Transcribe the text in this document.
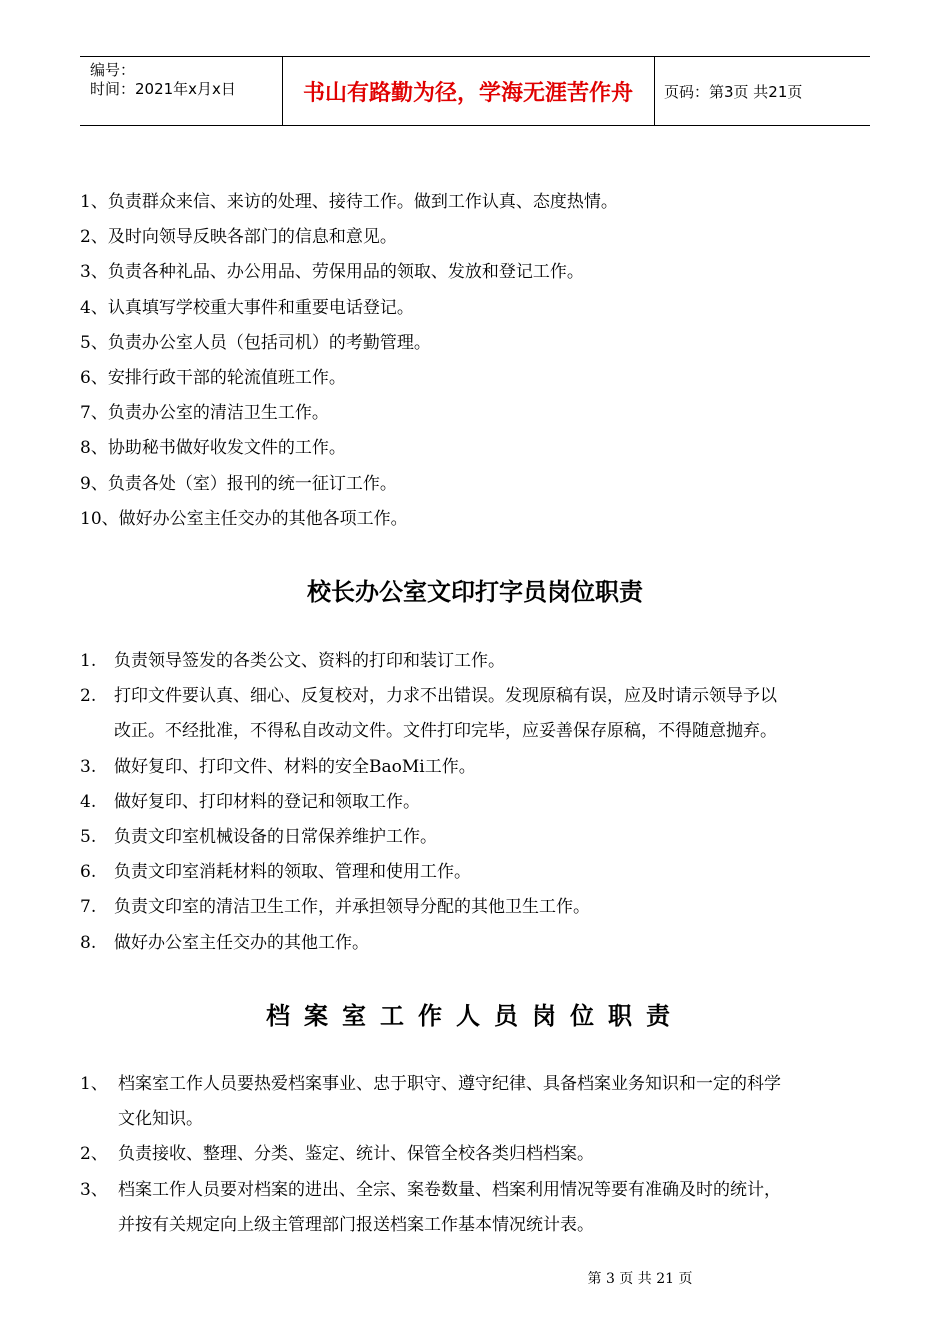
编号：
时间：2021年x月x日	书山有路勤为径，学海无涯苦作舟	页码：第3页 共21页
1、负责群众来信、来访的处理、接待工作。做到工作认真、态度热情。
2、及时向领导反映各部门的信息和意见。
3、负责各种礼品、办公用品、劳保用品的领取、发放和登记工作。
4、认真填写学校重大事件和重要电话登记。
5、负责办公室人员（包括司机）的考勤管理。
6、安排行政干部的轮流值班工作。
7、负责办公室的清洁卫生工作。
8、协助秘书做好收发文件的工作。
9、负责各处（室）报刊的统一征订工作。
10、做好办公室主任交办的其他各项工作。
校长办公室文印打字员岗位职责
1. 负责领导签发的各类公文、资料的打印和装订工作。
2. 打印文件要认真、细心、反复校对，力求不出错误。发现原稿有误，应及时请示领导予以
改正。不经批准，不得私自改动文件。文件打印完毕，应妥善保存原稿，不得随意抛弃。
3. 做好复印、打印文件、材料的安全BaoMi工作。
4. 做好复印、打印材料的登记和领取工作。
5. 负责文印室机械设备的日常保养维护工作。
6. 负责文印室消耗材料的领取、管理和使用工作。
7. 负责文印室的清洁卫生工作，并承担领导分配的其他卫生工作。
8. 做好办公室主任交办的其他工作。
档案室工作人员岗位职责
1、 档案室工作人员要热爱档案事业、忠于职守、遵守纪律、具备档案业务知识和一定的科学
文化知识。
2、 负责接收、整理、分类、鉴定、统计、保管全校各类归档档案。
3、 档案工作人员要对档案的进出、全宗、案卷数量、档案利用情况等要有准确及时的统计，
并按有关规定向上级主管理部门报送档案工作基本情况统计表。
第 3 页 共 21 页
